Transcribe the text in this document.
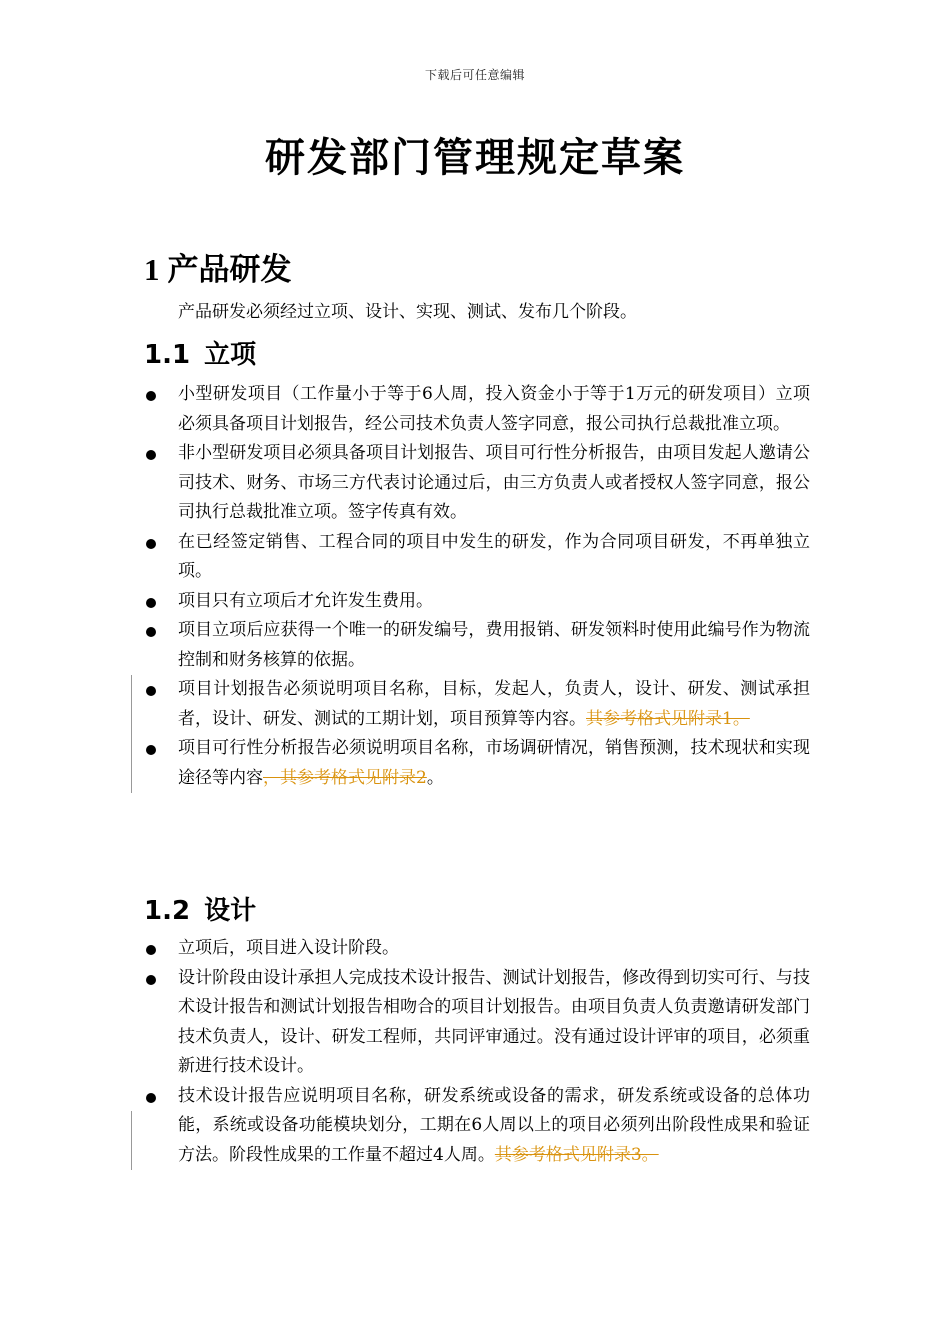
下载后可任意编辑
研发部门管理规定草案
1 产品研发

产品研发必须经过立项、设计、实现、测试、发布几个阶段。

1.1 立项
小型研发项目（工作量小于等于6人周，投入资金小于等于1万元的研发项目）立项必须具备项目计划报告，经公司技术负责人签字同意，报公司执行总裁批准立项。
非小型研发项目必须具备项目计划报告、项目可行性分析报告，由项目发起人邀请公司技术、财务、市场三方代表讨论通过后，由三方负责人或者授权人签字同意，报公司执行总裁批准立项。签字传真有效。
在已经签定销售、工程合同的项目中发生的研发，作为合同项目研发，不再单独立项。
项目只有立项后才允许发生费用。
项目立项后应获得一个唯一的研发编号，费用报销、研发领料时使用此编号作为物流控制和财务核算的依据。
项目计划报告必须说明项目名称，目标，发起人，负责人，设计、研发、测试承担者，设计、研发、测试的工期计划，项目预算等内容。其参考格式见附录1。
项目可行性分析报告必须说明项目名称，市场调研情况，销售预测，技术现状和实现途径等内容，其参考格式见附录2。
1.2 设计
立项后，项目进入设计阶段。
设计阶段由设计承担人完成技术设计报告、测试计划报告，修改得到切实可行、与技术设计报告和测试计划报告相吻合的项目计划报告。由项目负责人负责邀请研发部门技术负责人，设计、研发工程师，共同评审通过。没有通过设计评审的项目，必须重新进行技术设计。
技术设计报告应说明项目名称，研发系统或设备的需求，研发系统或设备的总体功能，系统或设备功能模块划分，工期在6人周以上的项目必须列出阶段性成果和验证方法。阶段性成果的工作量不超过4人周。其参考格式见附录3。
